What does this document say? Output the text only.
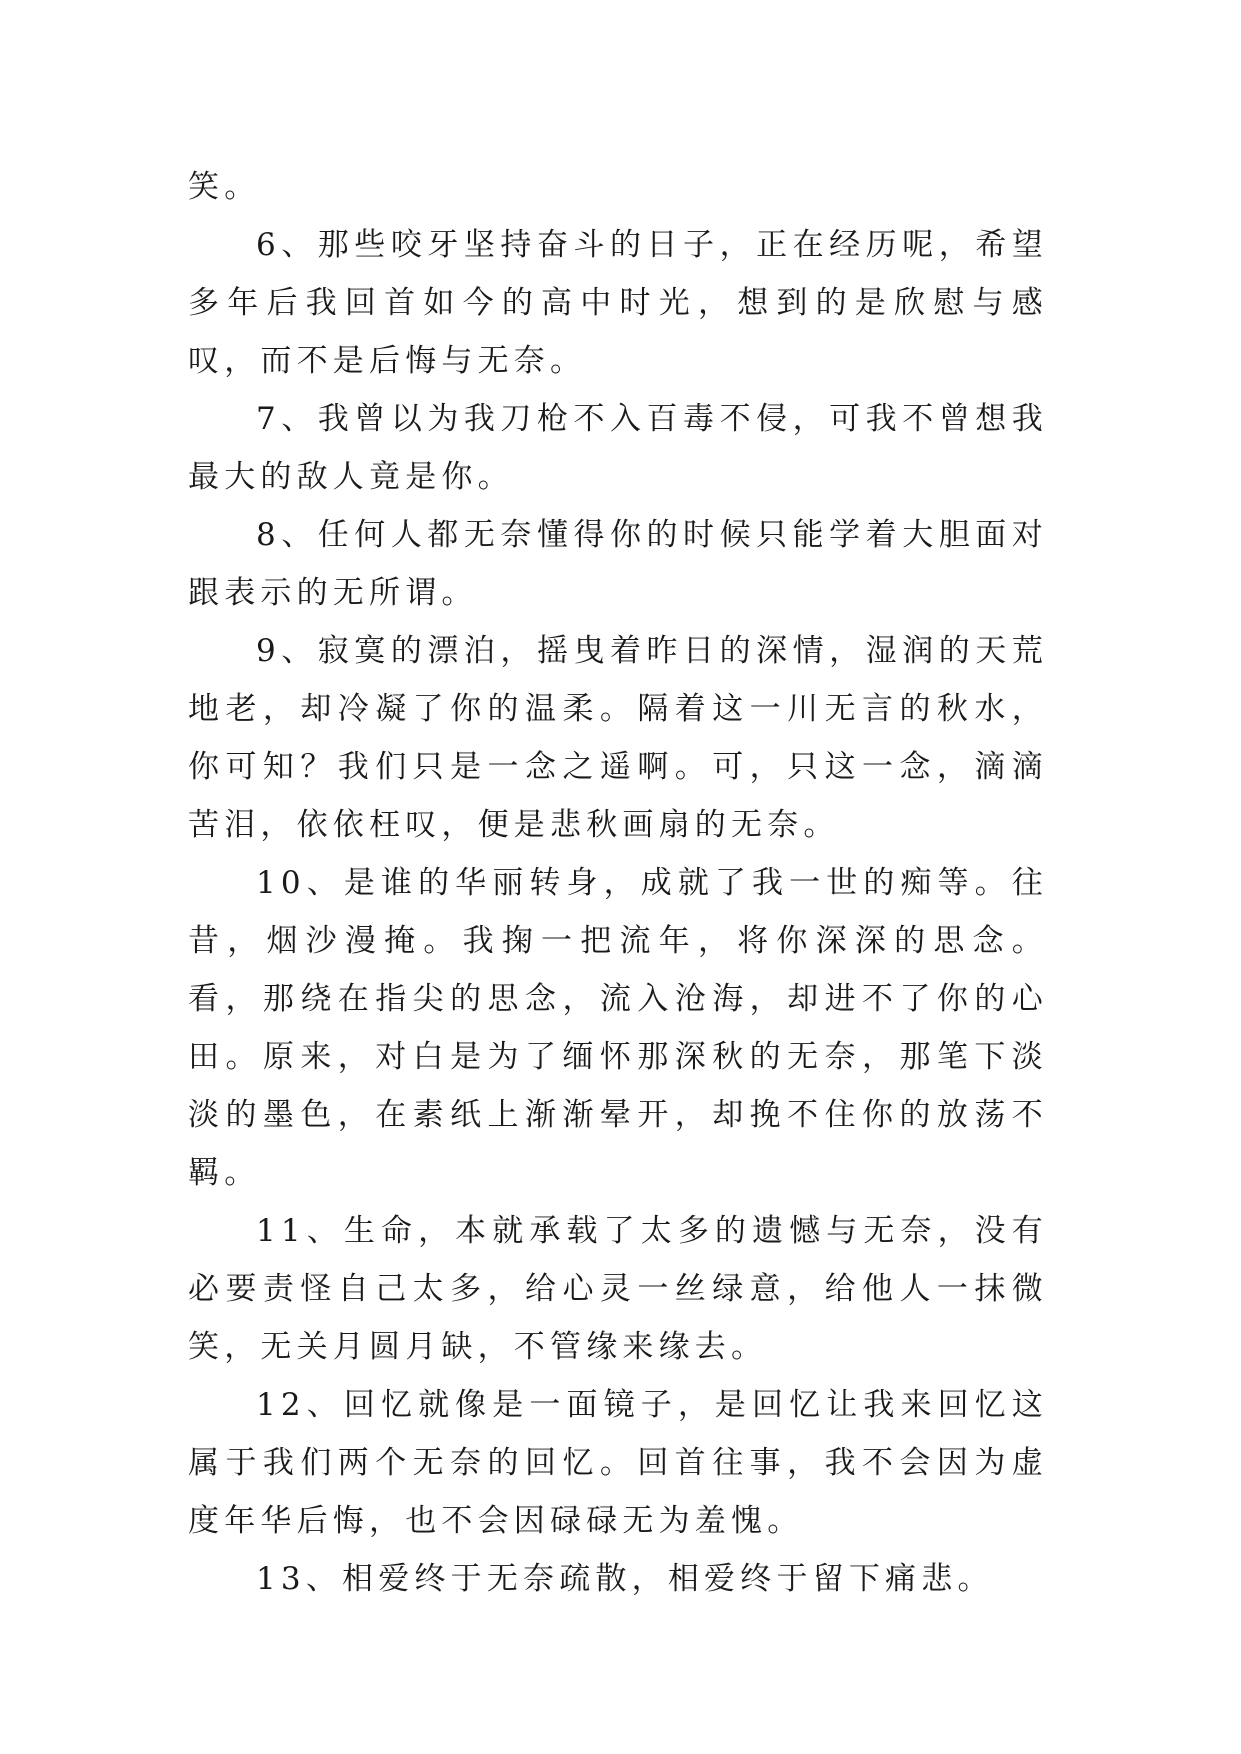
笑。

6、那些咬牙坚持奋斗的日子，正在经历呢，希望多年后我回首如今的高中时光，想到的是欣慰与感叹，而不是后悔与无奈。

7、我曾以为我刀枪不入百毒不侵，可我不曾想我最大的敌人竟是你。

8、任何人都无奈懂得你的时候只能学着大胆面对跟表示的无所谓。

9、寂寞的漂泊，摇曳着昨日的深情，湿润的天荒地老，却冷凝了你的温柔。隔着这一川无言的秋水，你可知？我们只是一念之遥啊。可，只这一念，滴滴苦泪，依依枉叹，便是悲秋画扇的无奈。

10、是谁的华丽转身，成就了我一世的痴等。往昔，烟沙漫掩。我掬一把流年，将你深深的思念。看，那绕在指尖的思念，流入沧海，却进不了你的心田。原来，对白是为了缅怀那深秋的无奈，那笔下淡淡的墨色，在素纸上渐渐晕开，却挽不住你的放荡不羁。

11、生命，本就承载了太多的遗憾与无奈，没有必要责怪自己太多，给心灵一丝绿意，给他人一抹微笑，无关月圆月缺，不管缘来缘去。

12、回忆就像是一面镜子，是回忆让我来回忆这属于我们两个无奈的回忆。回首往事，我不会因为虚度年华后悔，也不会因碌碌无为羞愧。

13、相爱终于无奈疏散，相爱终于留下痛悲。
